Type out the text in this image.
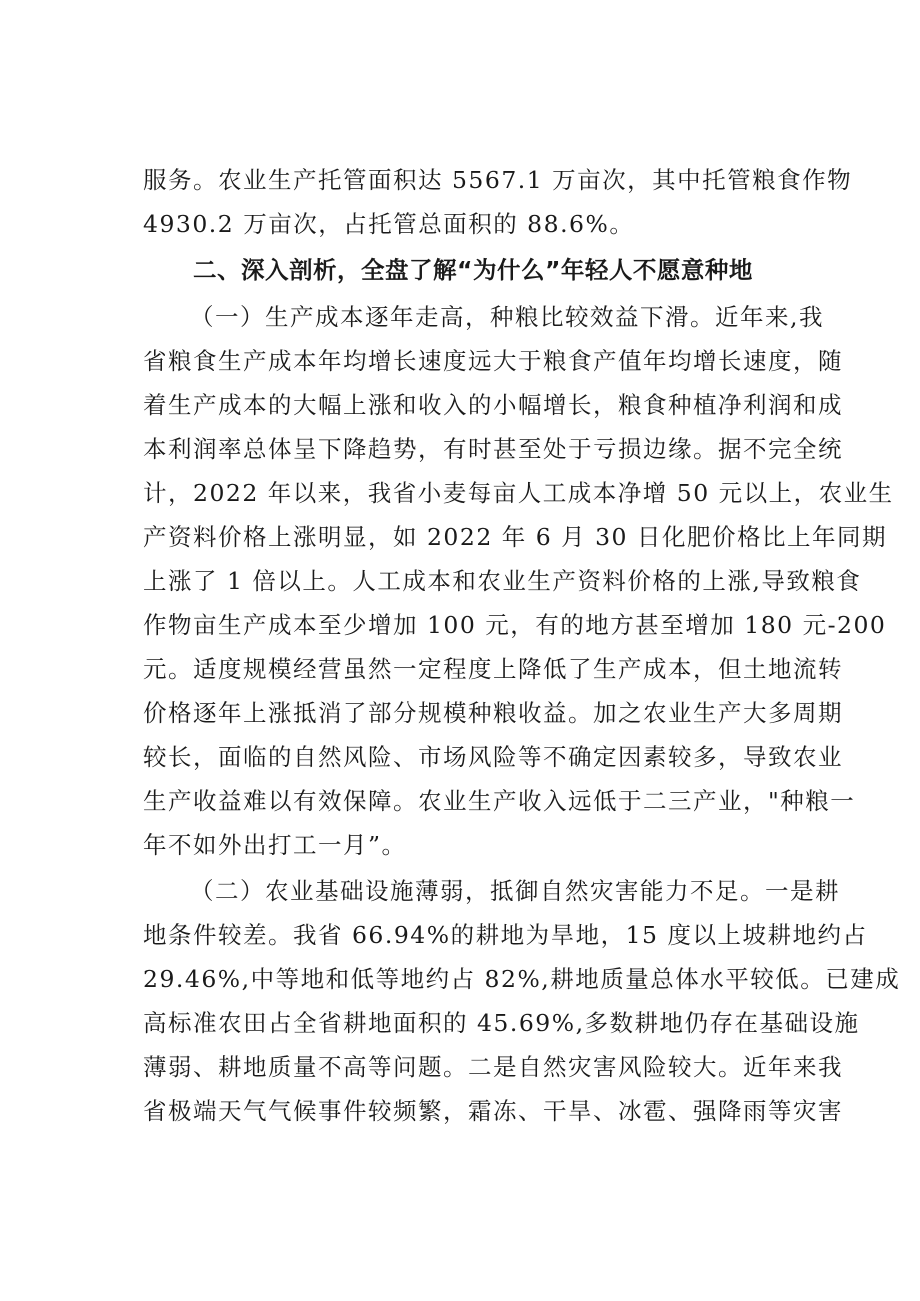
服务。农业生产托管面积达 5567.1 万亩次，其中托管粮食作物
4930.2 万亩次，占托管总面积的 88.6%。
二、深入剖析，全盘了解“为什么”年轻人不愿意种地
（一）生产成本逐年走高，种粮比较效益下滑。近年来,我
省粮食生产成本年均增长速度远大于粮食产值年均增长速度，随
着生产成本的大幅上涨和收入的小幅增长，粮食种植净利润和成
本利润率总体呈下降趋势，有时甚至处于亏损边缘。据不完全统
计，2022 年以来，我省小麦每亩人工成本净增 50 元以上，农业生
产资料价格上涨明显，如 2022 年 6 月 30 日化肥价格比上年同期
上涨了 1 倍以上。人工成本和农业生产资料价格的上涨,导致粮食
作物亩生产成本至少增加 100 元，有的地方甚至增加 180 元-200
元。适度规模经营虽然一定程度上降低了生产成本，但土地流转
价格逐年上涨抵消了部分规模种粮收益。加之农业生产大多周期
较长，面临的自然风险、市场风险等不确定因素较多，导致农业
生产收益难以有效保障。农业生产收入远低于二三产业，"种粮一
年不如外出打工一月”。
（二）农业基础设施薄弱，抵御自然灾害能力不足。一是耕
地条件较差。我省 66.94%的耕地为旱地，15 度以上坡耕地约占
29.46%,中等地和低等地约占 82%,耕地质量总体水平较低。已建成
高标准农田占全省耕地面积的 45.69%,多数耕地仍存在基础设施
薄弱、耕地质量不高等问题。二是自然灾害风险较大。近年来我
省极端天气气候事件较频繁，霜冻、干旱、冰雹、强降雨等灾害
